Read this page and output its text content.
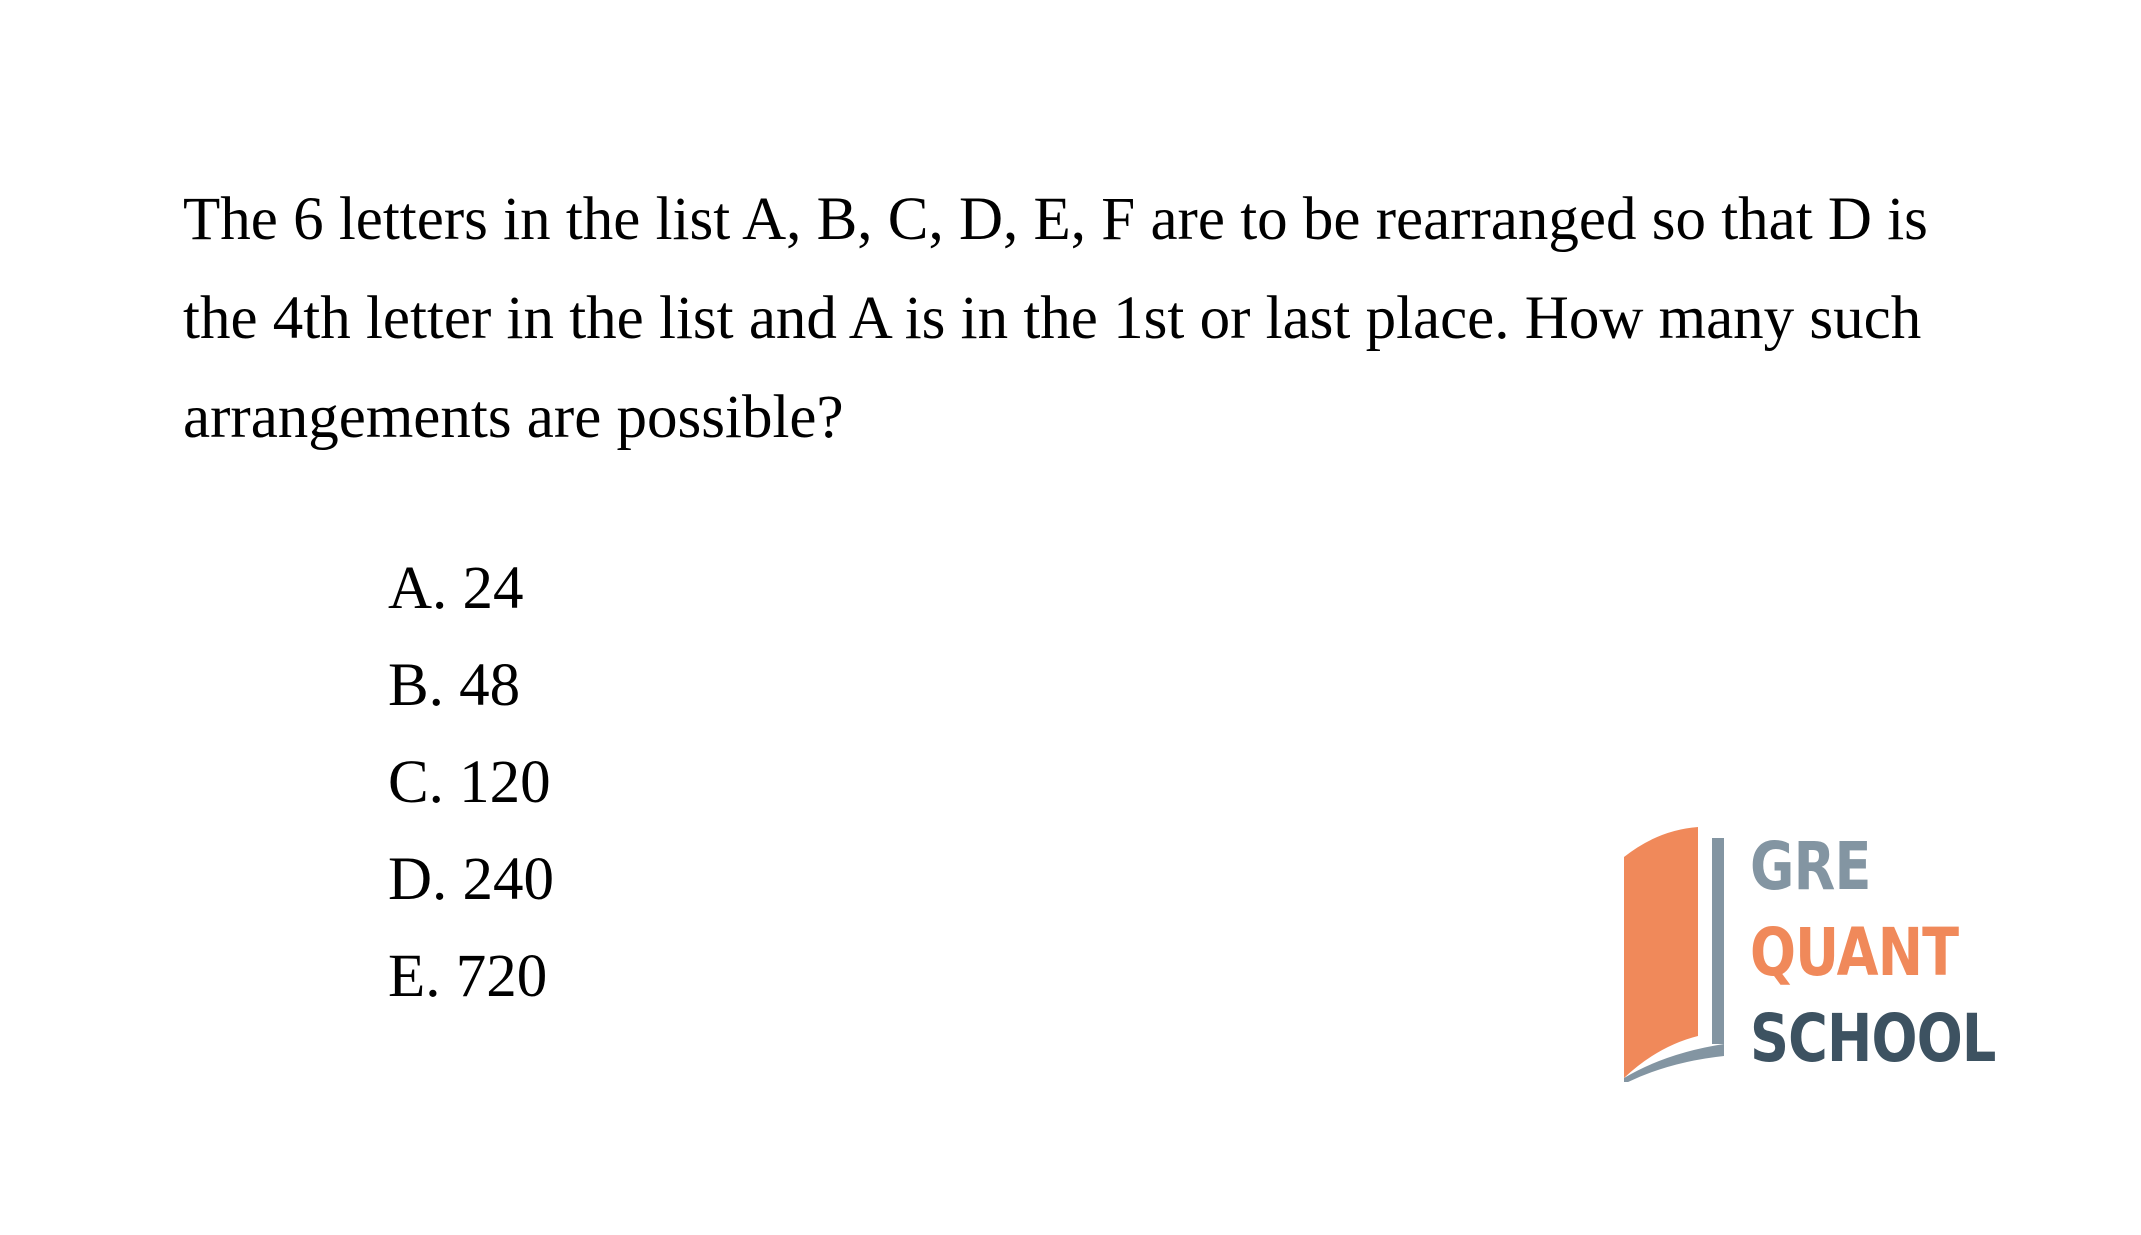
The 6 letters in the list A, B, C, D, E, F are to be rearranged so that D is the 4th letter in the list and A is in the 1st or last place. How many such arrangements are possible?

A. 24
B. 48
C. 120
D. 240
E. 720
GRE
QUANT
SCHOOL
